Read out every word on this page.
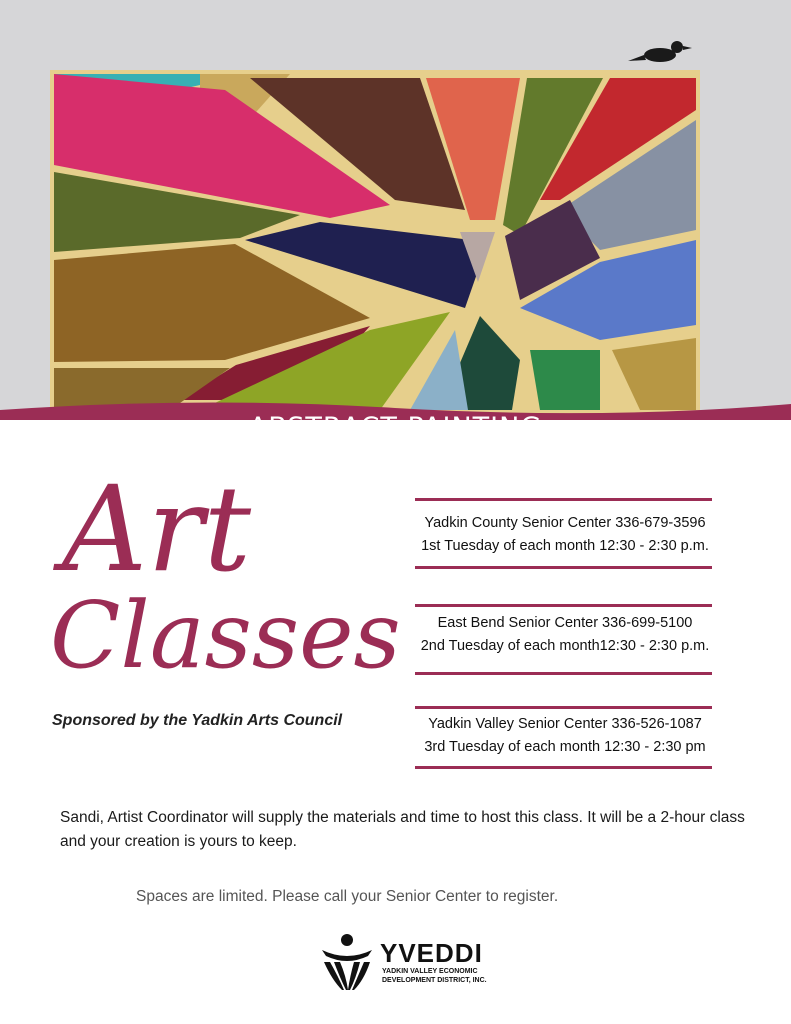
ABSTRACT PAINTING
Art
Classes
Sponsored by the Yadkin Arts Council
Yadkin County Senior Center 336-679-3596
1st Tuesday of each month 12:30 - 2:30 p.m.
East Bend Senior Center 336-699-5100
2nd Tuesday of each month12:30 - 2:30 p.m.
Yadkin Valley Senior Center 336-526-1087
3rd Tuesday of each month 12:30 - 2:30 pm
Sandi, Artist Coordinator will supply the materials and time to host this class. It will be a 2-hour class and your creation is yours to keep.
Spaces are limited. Please call your Senior Center to register.
YVEDDI
YADKIN VALLEY ECONOMIC
DEVELOPMENT DISTRICT, INC.
